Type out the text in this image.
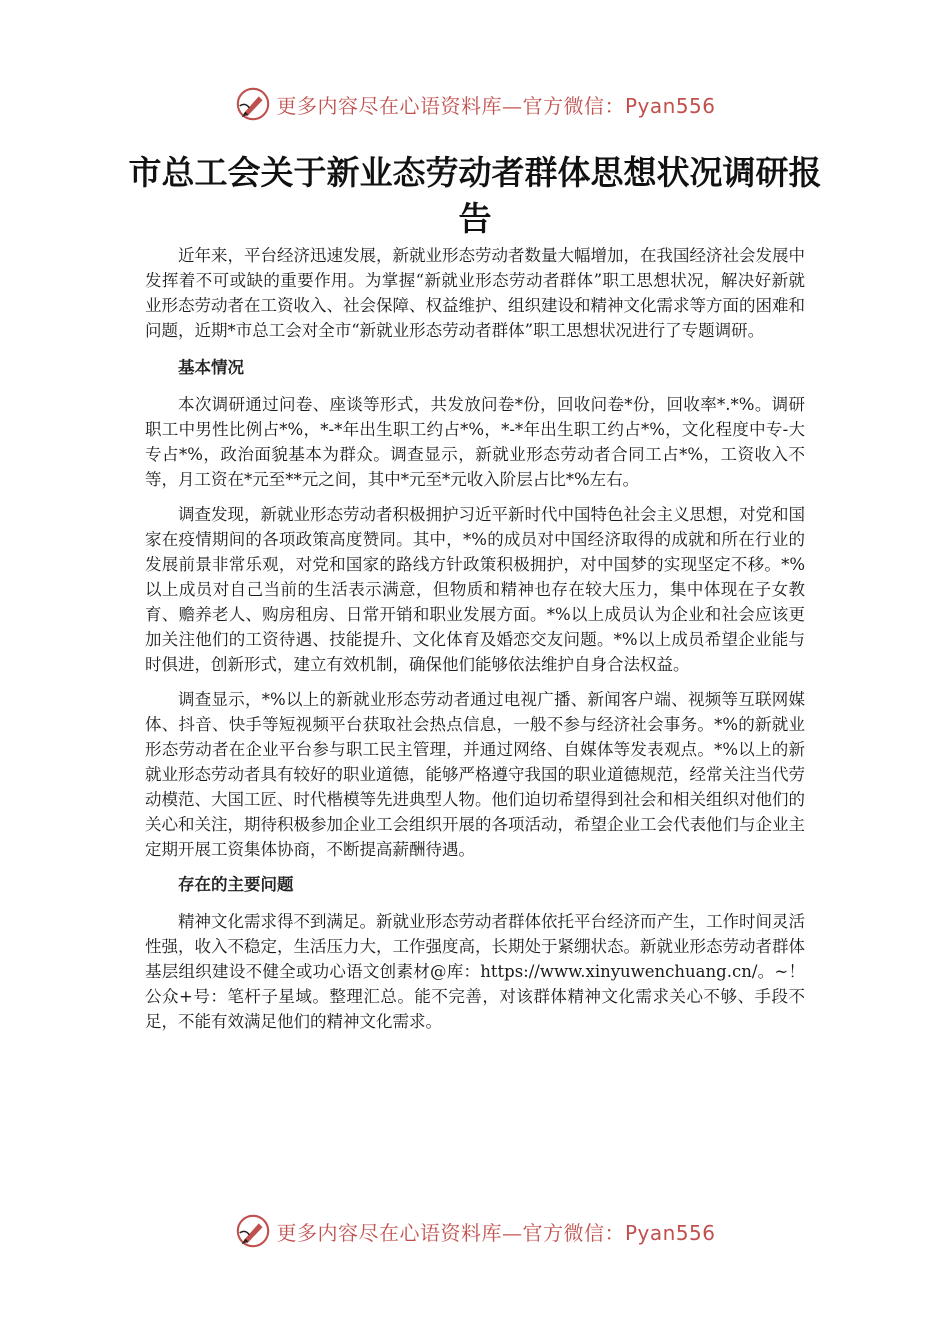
更多内容尽在心语资料库—官方微信：Pyan556
市总工会关于新业态劳动者群体思想状况调研报告

近年来，平台经济迅速发展，新就业形态劳动者数量大幅增加，在我国经济社会发展中发挥着不可或缺的重要作用。为掌握“新就业形态劳动者群体”职工思想状况，解决好新就业形态劳动者在工资收入、社会保障、权益维护、组织建设和精神文化需求等方面的困难和问题，近期*市总工会对全市“新就业形态劳动者群体”职工思想状况进行了专题调研。

基本情况

本次调研通过问卷、座谈等形式，共发放问卷*份，回收问卷*份，回收率*.*%。调研职工中男性比例占*%，*-*年出生职工约占*%，*-*年出生职工约占*%，文化程度中专-大专占*%，政治面貌基本为群众。调查显示，新就业形态劳动者合同工占*%，工资收入不等，月工资在*元至**元之间，其中*元至*元收入阶层占比*%左右。

调查发现，新就业形态劳动者积极拥护习近平新时代中国特色社会主义思想，对党和国家在疫情期间的各项政策高度赞同。其中，*%的成员对中国经济取得的成就和所在行业的发展前景非常乐观，对党和国家的路线方针政策积极拥护，对中国梦的实现坚定不移。*%以上成员对自己当前的生活表示满意，但物质和精神也存在较大压力，集中体现在子女教育、赡养老人、购房租房、日常开销和职业发展方面。*%以上成员认为企业和社会应该更加关注他们的工资待遇、技能提升、文化体育及婚恋交友问题。*%以上成员希望企业能与时俱进，创新形式，建立有效机制，确保他们能够依法维护自身合法权益。

调查显示，*%以上的新就业形态劳动者通过电视广播、新闻客户端、视频等互联网媒体、抖音、快手等短视频平台获取社会热点信息，一般不参与经济社会事务。*%的新就业形态劳动者在企业平台参与职工民主管理，并通过网络、自媒体等发表观点。*%以上的新就业形态劳动者具有较好的职业道德，能够严格遵守我国的职业道德规范，经常关注当代劳动模范、大国工匠、时代楷模等先进典型人物。他们迫切希望得到社会和相关组织对他们的关心和关注，期待积极参加企业工会组织开展的各项活动，希望企业工会代表他们与企业主定期开展工资集体协商，不断提高薪酬待遇。

存在的主要问题

精神文化需求得不到满足。新就业形态劳动者群体依托平台经济而产生，工作时间灵活性强，收入不稳定，生活压力大，工作强度高，长期处于紧绷状态。新就业形态劳动者群体基层组织建设不健全或功心语文创素材@库：https://www.xinyuwenchuang.cn/。~！公众+号：笔杆子星域。整理汇总。能不完善，对该群体精神文化需求关心不够、手段不足，不能有效满足他们的精神文化需求。

更多内容尽在心语资料库—官方微信：Pyan556
